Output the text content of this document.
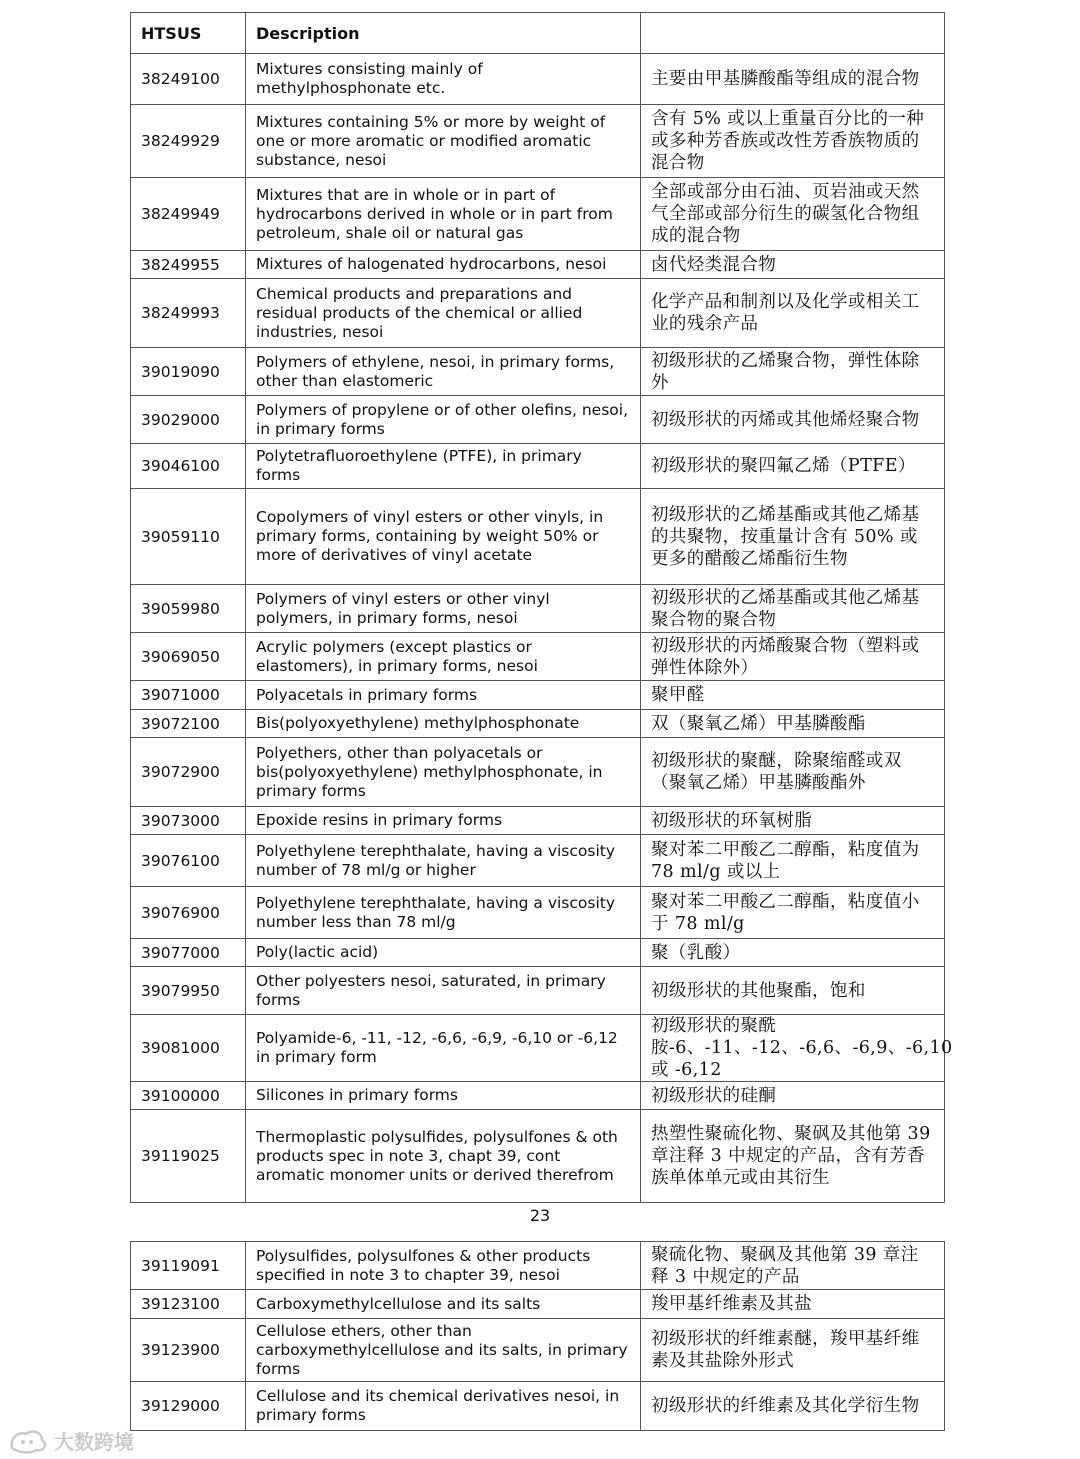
HTSUS	Description	
38249100	Mixtures consisting mainly of methylphosphonate etc.	主要由甲基膦酸酯等组成的混合物
38249929	Mixtures containing 5% or more by weight of one or more aromatic or modified aromatic substance, nesoi	含有 5% 或以上重量百分比的一种或多种芳香族或改性芳香族物质的混合物
38249949	Mixtures that are in whole or in part of hydrocarbons derived in whole or in part from petroleum, shale oil or natural gas	全部或部分由石油、页岩油或天然气全部或部分衍生的碳氢化合物组成的混合物
38249955	Mixtures of halogenated hydrocarbons, nesoi	卤代烃类混合物
38249993	Chemical products and preparations and residual products of the chemical or allied industries, nesoi	化学产品和制剂以及化学或相关工业的残余产品
39019090	Polymers of ethylene, nesoi, in primary forms, other than elastomeric	初级形状的乙烯聚合物，弹性体除外
39029000	Polymers of propylene or of other olefins, nesoi, in primary forms	初级形状的丙烯或其他烯烃聚合物
39046100	Polytetrafluoroethylene (PTFE), in primary forms	初级形状的聚四氟乙烯（PTFE）
39059110	Copolymers of vinyl esters or other vinyls, in primary forms, containing by weight 50% or more of derivatives of vinyl acetate	初级形状的乙烯基酯或其他乙烯基的共聚物，按重量计含有 50% 或更多的醋酸乙烯酯衍生物
39059980	Polymers of vinyl esters or other vinyl polymers, in primary forms, nesoi	初级形状的乙烯基酯或其他乙烯基聚合物的聚合物
39069050	Acrylic polymers (except plastics or elastomers), in primary forms, nesoi	初级形状的丙烯酸聚合物（塑料或弹性体除外）
39071000	Polyacetals in primary forms	聚甲醛
39072100	Bis(polyoxyethylene) methylphosphonate	双（聚氧乙烯）甲基膦酸酯
39072900	Polyethers, other than polyacetals or bis(polyoxyethylene) methylphosphonate, in primary forms	初级形状的聚醚，除聚缩醛或双（聚氧乙烯）甲基膦酸酯外
39073000	Epoxide resins in primary forms	初级形状的环氧树脂
39076100	Polyethylene terephthalate, having a viscosity number of 78 ml/g or higher	聚对苯二甲酸乙二醇酯，粘度值为 78 ml/g 或以上
39076900	Polyethylene terephthalate, having a viscosity number less than 78 ml/g	聚对苯二甲酸乙二醇酯，粘度值小于 78 ml/g
39077000	Poly(lactic acid)	聚（乳酸）
39079950	Other polyesters nesoi, saturated, in primary forms	初级形状的其他聚酯，饱和
39081000	Polyamide-6, -11, -12, -6,6, -6,9, -6,10 or -6,12 in primary form	初级形状的聚酰胺-6、-11、-12、-6,6、-6,9、-6,10 或 -6,12
39100000	Silicones in primary forms	初级形状的硅酮
39119025	Thermoplastic polysulfides, polysulfones & oth products spec in note 3, chapt 39, cont aromatic monomer units or derived therefrom	热塑性聚硫化物、聚砜及其他第 39 章注释 3 中规定的产品，含有芳香族单体单元或由其衍生
23
39119091	Polysulfides, polysulfones & other products specified in note 3 to chapter 39, nesoi	聚硫化物、聚砜及其他第 39 章注释 3 中规定的产品
39123100	Carboxymethylcellulose and its salts	羧甲基纤维素及其盐
39123900	Cellulose ethers, other than carboxymethylcellulose and its salts, in primary forms	初级形状的纤维素醚，羧甲基纤维素及其盐除外形式
39129000	Cellulose and its chemical derivatives nesoi, in primary forms	初级形状的纤维素及其化学衍生物
大数跨境
